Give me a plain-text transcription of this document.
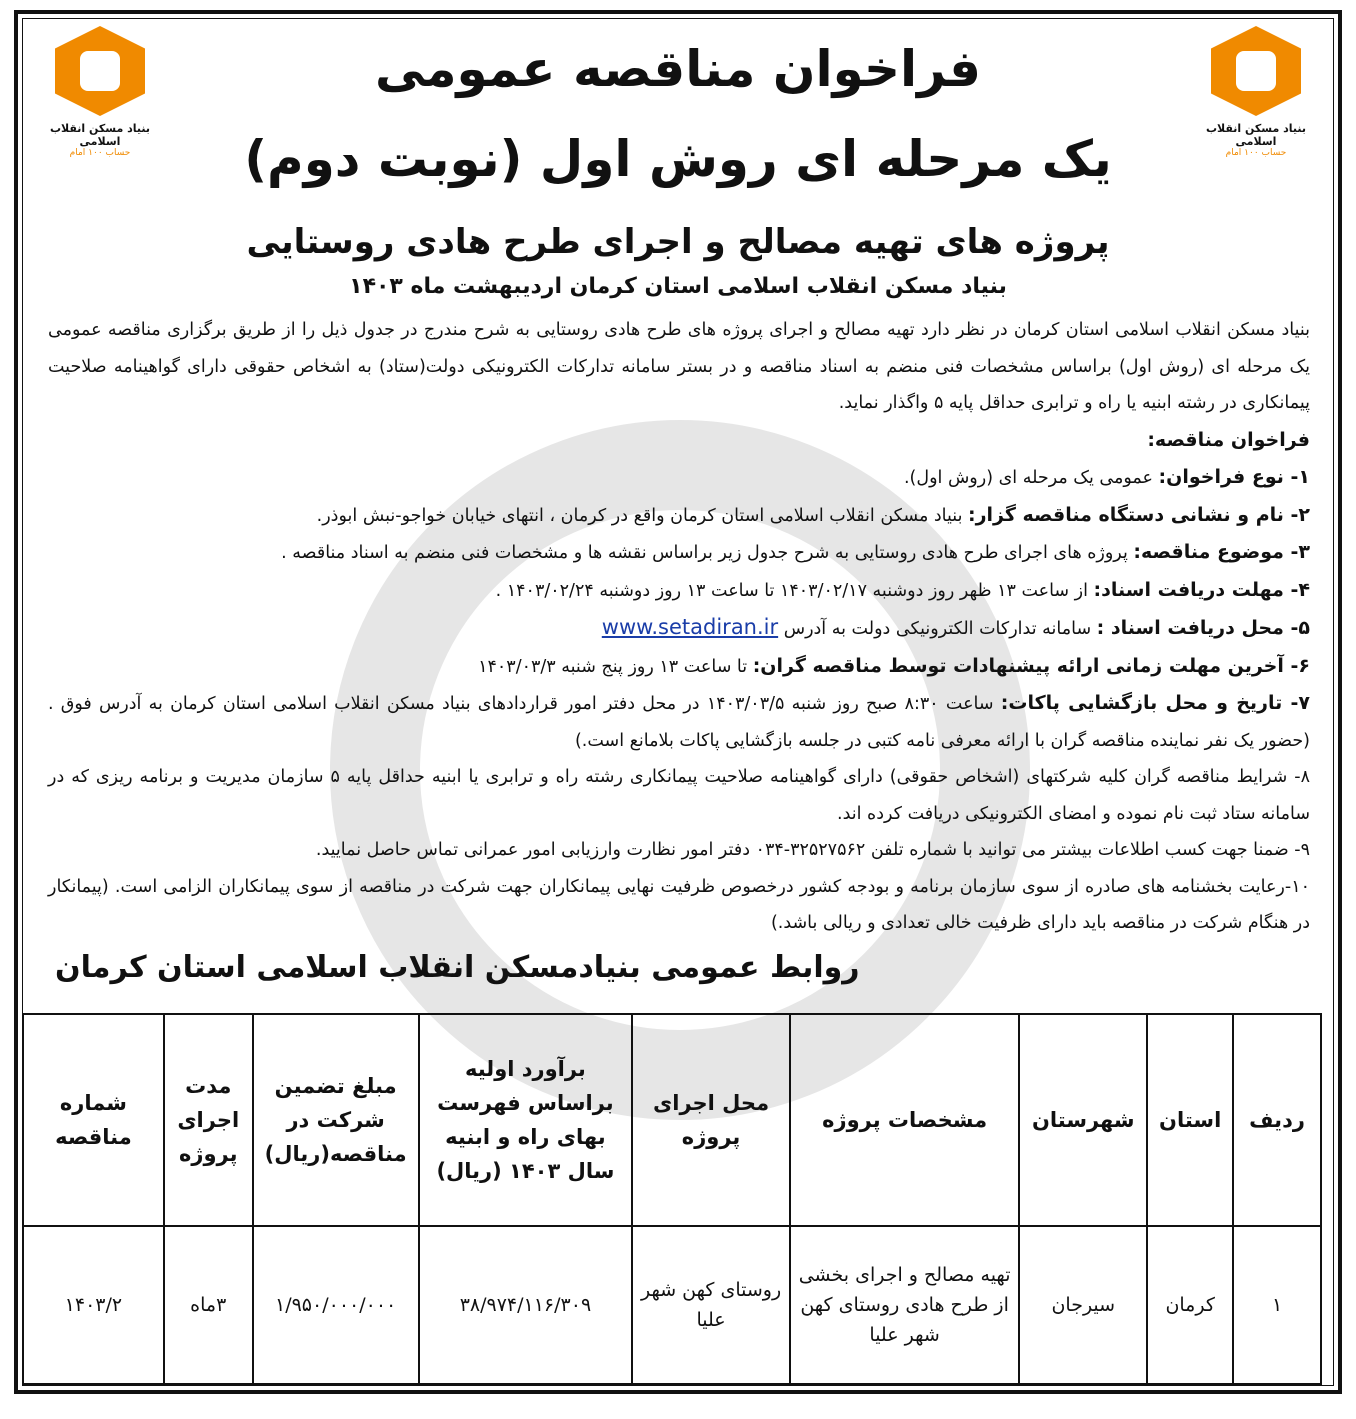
بنیاد مسکن انقلاب اسلامی
حساب ۱۰۰ امام
بنیاد مسکن انقلاب اسلامی
حساب ۱۰۰ امام
فراخوان مناقصه عمومی
یک مرحله ای روش اول (نوبت دوم)
پروژه های تهیه مصالح و اجرای طرح هادی روستایی
بنیاد مسکن انقلاب اسلامی استان کرمان اردیبهشت ماه ۱۴۰۳

بنیاد مسکن انقلاب اسلامی استان کرمان در نظر دارد تهیه مصالح و اجرای پروژه های طرح هادی روستایی به شرح مندرج در جدول ذیل را از طریق برگزاری مناقصه عمومی یک مرحله ای (روش اول) براساس مشخصات فنی منضم به اسناد مناقصه و در بستر سامانه تدارکات الکترونیکی دولت(ستاد) به اشخاص حقوقی دارای گواهینامه صلاحیت پیمانکاری در رشته ابنیه یا راه و ترابری حداقل پایه ۵ واگذار نماید.

فراخوان مناقصه:

۱- نوع فراخوان: عمومی یک مرحله ای (روش اول).

۲- نام و نشانی دستگاه مناقصه گزار: بنیاد مسکن انقلاب اسلامی استان کرمان واقع در کرمان ، انتهای خیابان خواجو-نبش ابوذر.

۳- موضوع مناقصه: پروژه های اجرای طرح هادی روستایی به شرح جدول زیر براساس نقشه ها و مشخصات فنی منضم به اسناد مناقصه .

۴- مهلت دریافت اسناد: از ساعت ۱۳ ظهر روز دوشنبه ۱۴۰۳/۰۲/۱۷ تا ساعت ۱۳ روز دوشنبه ۱۴۰۳/۰۲/۲۴ .

۵- محل دریافت اسناد : سامانه تدارکات الکترونیکی دولت به آدرس www.setadiran.ir

۶- آخرین مهلت زمانی ارائه پیشنهادات توسط مناقصه گران: تا ساعت ۱۳ روز پنج شنبه ۱۴۰۳/۰۳/۳

۷- تاریخ و محل بازگشایی پاکات: ساعت ۸:۳۰ صبح روز شنبه ۱۴۰۳/۰۳/۵ در محل دفتر امور قراردادهای بنیاد مسکن انقلاب اسلامی استان کرمان به آدرس فوق .(حضور یک نفر نماینده مناقصه گران با ارائه معرفی نامه کتبی در جلسه بازگشایی پاکات بلامانع است.)

۸- شرایط مناقصه گران کلیه شرکتهای (اشخاص حقوقی) دارای گواهینامه صلاحیت پیمانکاری رشته راه و ترابری یا ابنیه حداقل پایه ۵ سازمان مدیریت و برنامه ریزی که در سامانه ستاد ثبت نام نموده و امضای الکترونیکی دریافت کرده اند.

۹- ضمنا جهت کسب اطلاعات بیشتر می توانید با شماره تلفن ۳۲۵۲۷۵۶۲-۰۳۴ دفتر امور نظارت وارزیابی امور عمرانی تماس حاصل نمایید.

۱۰-رعایت بخشنامه های صادره از سوی سازمان برنامه و بودجه کشور درخصوص ظرفیت نهایی پیمانکاران جهت شرکت در مناقصه از سوی پیمانکاران الزامی است. (پیمانکار در هنگام شرکت در مناقصه باید دارای ظرفیت خالی تعدادی و ریالی باشد.)

روابط عمومی بنیادمسکن انقلاب اسلامی استان کرمان
ردیف	استان	شهرستان	مشخصات پروژه	محل اجرای پروژه	برآورد اولیه براساس فهرست بهای راه و ابنیه سال ۱۴۰۳ (ریال)	مبلغ تضمین شرکت در مناقصه(ریال)	مدت اجرای پروژه	شماره مناقصه
۱	کرمان	سیرجان	تهیه مصالح و اجرای بخشی از طرح هادی روستای کهن شهر علیا	روستای کهن شهر علیا	۳۸/۹۷۴/۱۱۶/۳۰۹	۱/۹۵۰/۰۰۰/۰۰۰	۳ماه	۱۴۰۳/۲
